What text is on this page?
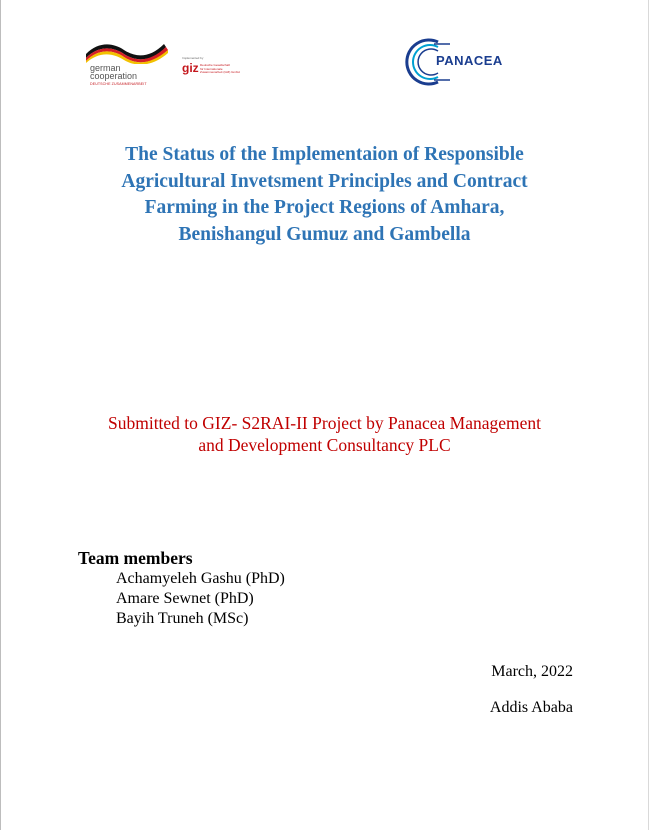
german
cooperation
DEUTSCHE ZUSAMMENARBEIT
Implemented by
giz Deutsche Gesellschaft
für Internationale
Zusammenarbeit (GIZ) GmbH
PANACEA
The Status of the Implementaion of Responsible
Agricultural Invetsment Principles and Contract
Farming in the Project Regions of Amhara,
Benishangul Gumuz and Gambella
Submitted to GIZ- S2RAI-II Project by Panacea Management
and Development Consultancy PLC
Team members
Achamyeleh Gashu (PhD)
Amare Sewnet (PhD)
Bayih Truneh (MSc)
March, 2022
Addis Ababa
